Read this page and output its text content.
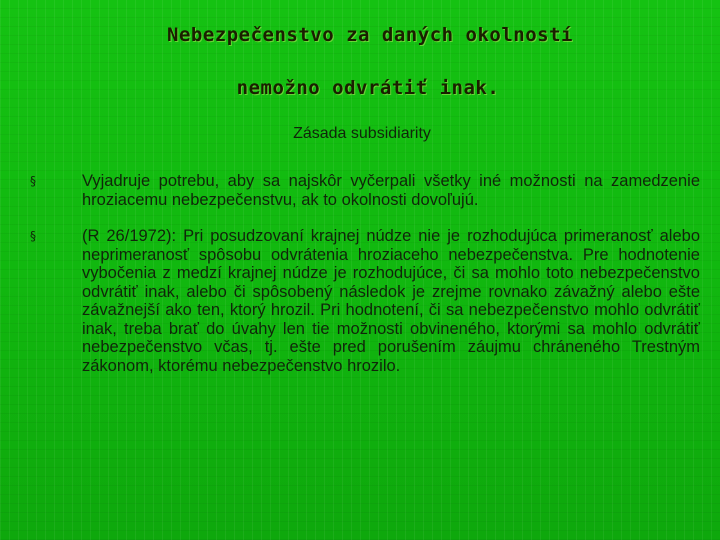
Nebezpečenstvo za daných okolností
nemožno odvrátiť inak.
Zásada subsidiarity
§	Vyjadruje potrebu, aby sa najskôr vyčerpali všetky iné možnosti na zamedzenie hroziacemu nebezpečenstvu, ak to okolnosti dovoľujú.
§	(R 26/1972): Pri posudzovaní krajnej núdze nie je rozhodujúca primeranosť alebo neprimeranosť spôsobu odvrátenia hroziaceho nebezpečenstva. Pre hodnotenie vybočenia z medzí krajnej núdze je rozhodujúce, či sa mohlo toto nebezpečenstvo odvrátiť inak, alebo či spôsobený následok je zrejme rovnako závažný alebo ešte závažnejší ako ten, ktorý hrozil. Pri hodnotení, či sa nebezpečenstvo mohlo odvrátiť inak, treba brať do úvahy len tie možnosti obvineného, ktorými sa mohlo odvrátiť nebezpečenstvo včas, tj. ešte pred porušením záujmu chráneného Trestným zákonom, ktorému nebezpečenstvo hrozilo.
